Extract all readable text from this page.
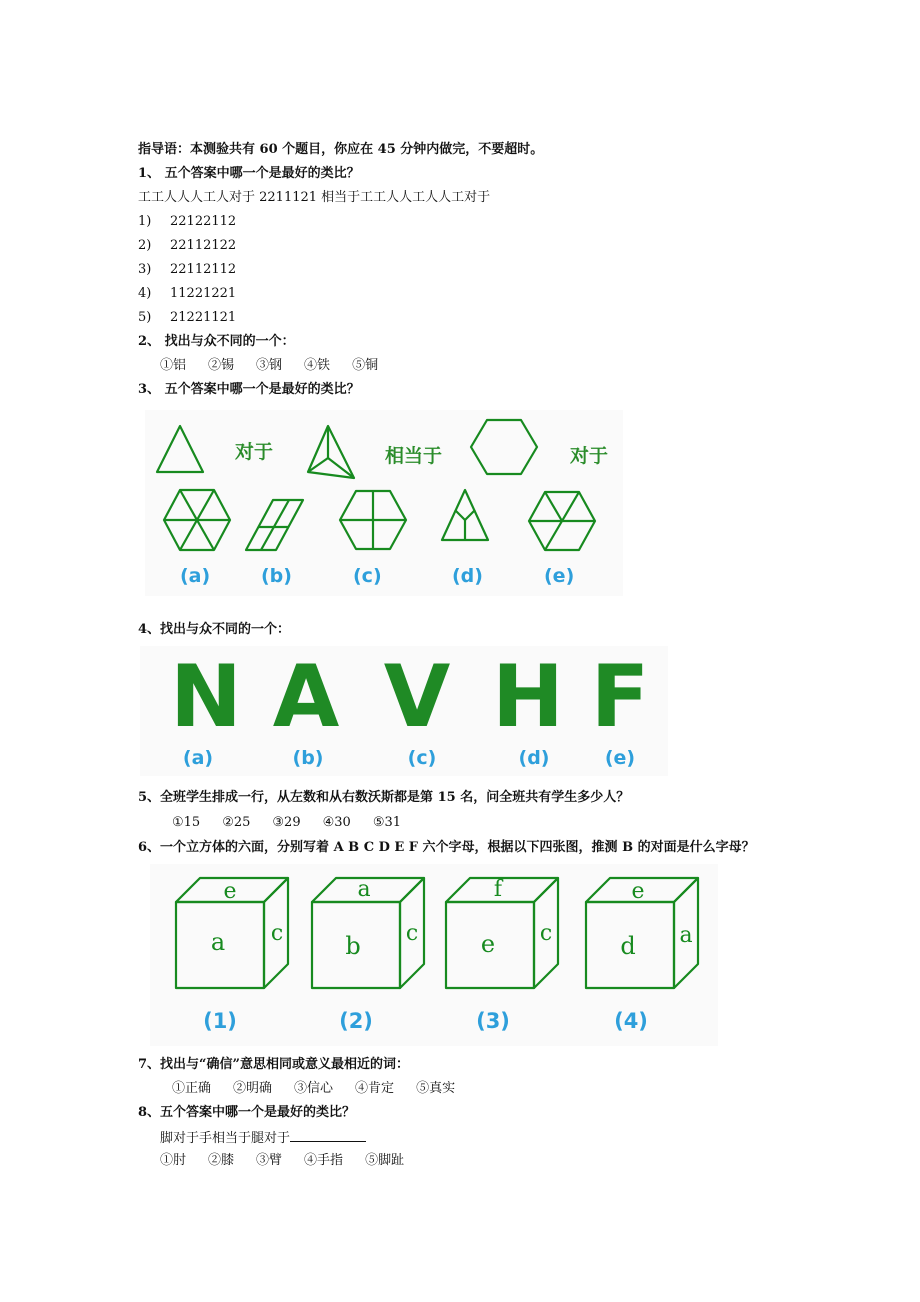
指导语：本测验共有 60 个题目，你应在 45 分钟内做完，不要超时。
1、 五个答案中哪一个是最好的类比？
工工人人人工人对于 2211121 相当于工工人人工人人工对于
1) 22122112
2) 22112122
3) 22112112
4) 11221221
5) 21221121
2、 找出与众不同的一个：
①铝 ②锡 ③钢 ④铁 ⑤铜
3、 五个答案中哪一个是最好的类比？
对于	相当于	对于
(a)	(b)	(c)	(d)	(e)
4、找出与众不同的一个：
N A V H F
(a)	(b)	(c)	(d)	(e)
5、全班学生排成一行，从左数和从右数沃斯都是第 15 名，问全班共有学生多少人？
①15 ②25 ③29 ④30 ⑤31
6、一个立方体的六面，分别写着 A B C D E F 六个字母，根据以下四张图，推测 B 的对面是什么字母？
e
a c
(1)
a
b c
(2)
f
e c
(3)
e
d a
(4)
7、找出与“确信”意思相同或意义最相近的词：
①正确 ②明确 ③信心 ④肯定 ⑤真实
8、五个答案中哪一个是最好的类比？
脚对于手相当于腿对于
①肘 ②膝 ③臂 ④手指 ⑤脚趾
